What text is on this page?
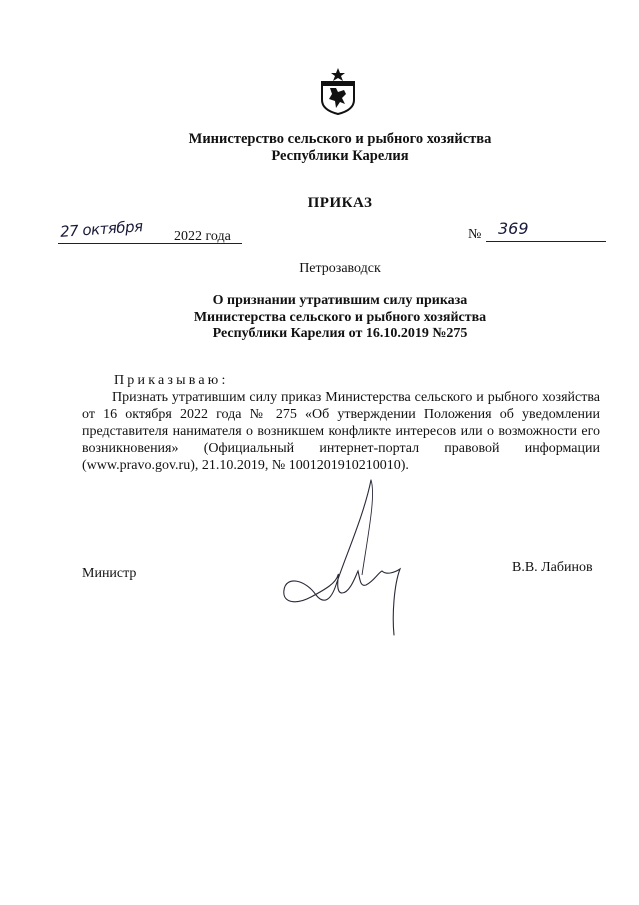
Министерство сельского и рыбного хозяйства
Республики Карелия
ПРИКАЗ
27 октября 2022 года	№ 369
Петрозаводск
О признании утратившим силу приказа
Министерства сельского и рыбного хозяйства
Республики Карелия от 16.10.2019 №275
Приказываю:
Признать утратившим силу приказ Министерства сельского и рыбного хозяйства от 16 октября 2022 года № 275 «Об утверждении Положения об уведомлении представителя нанимателя о возникшем конфликте интересов или о возможности его возникновения» (Официальный интернет-портал правовой информации (www.pravo.gov.ru), 21.10.2019, № 1001201910210010).
Министр	В.В. Лабинов
